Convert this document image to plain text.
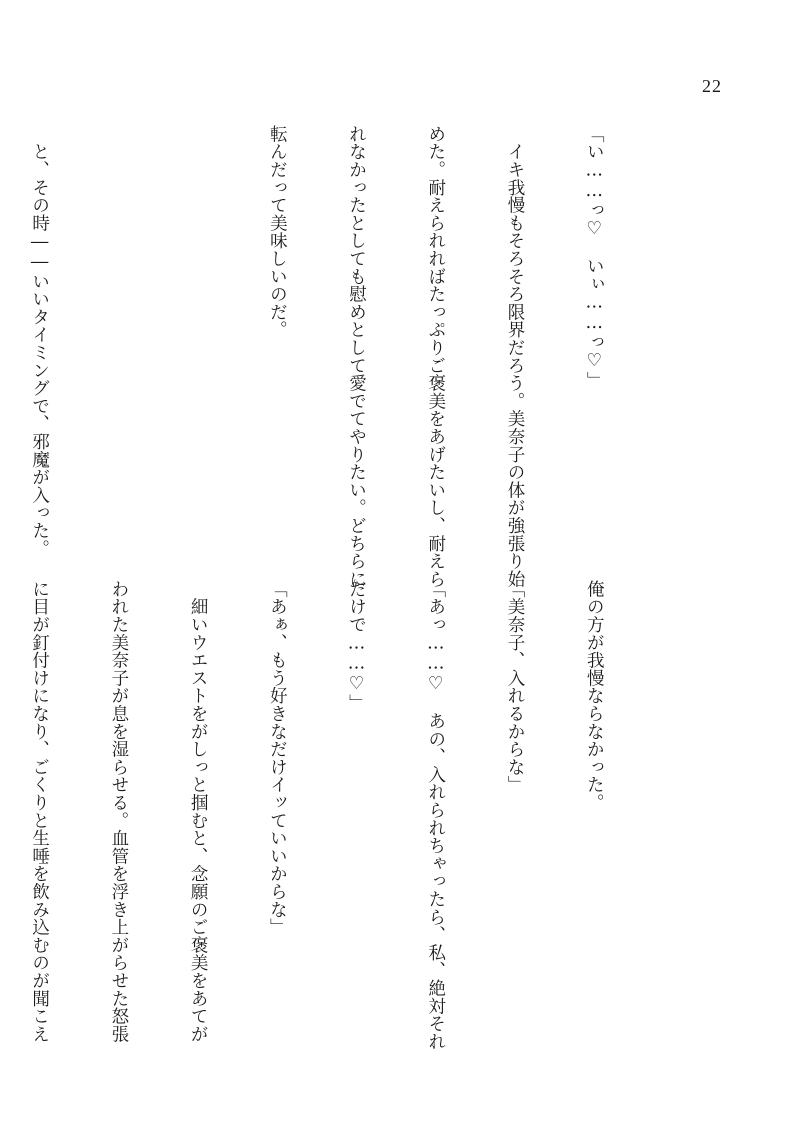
22

「い……っ♡　いぃ……っ♡」

　イキ我慢もそろそろ限界だろう。美奈子の体が強張り始

めた。耐えられればたっぷりご褒美をあげたいし、耐えら

れなかったとしても慰めとして愛でてやりたい。どちらに

転んだって美味しいのだ。

　と、その時――いいタイミングで、邪魔が入った。

俺の方が我慢ならなかった。

「美奈子、入れるからな」

「あっ……♡　あの、入れられちゃったら、私、絶対それ

だけで……♡」

「あぁ、もう好きなだけイッていいからな」

　細いウエストをがしっと掴むと、念願のご褒美をあてが

われた美奈子が息を湿らせる。血管を浮き上がらせた怒張

に目が釘付けになり、ごくりと生唾を飲み込むのが聞こえ
